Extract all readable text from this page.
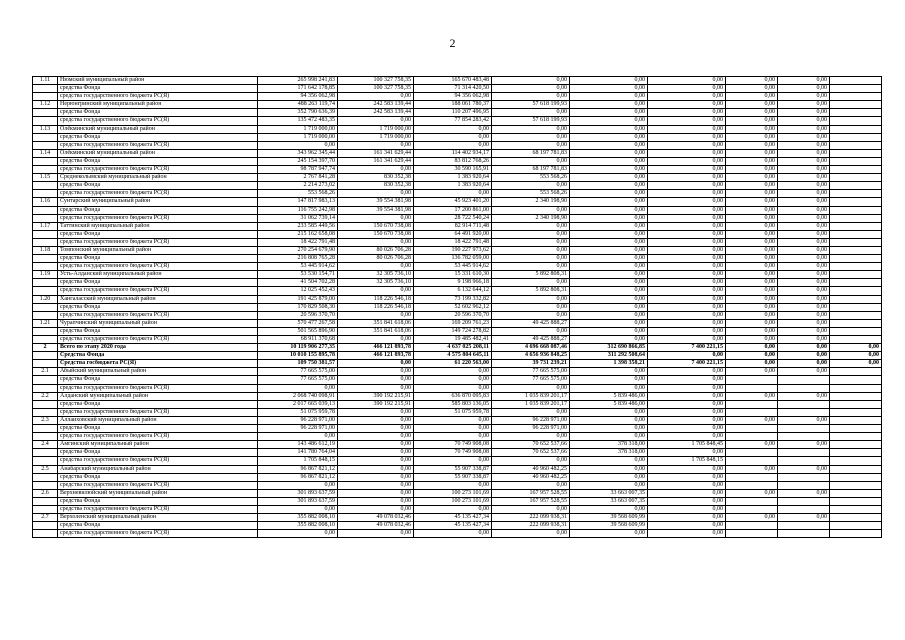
2
1.11	Нюмский муниципальный район	265 998 241,83	100 327 758,35	165 670 483,48	0,00	0,00	0,00	0,00	0,00	
	средства Фонда	171 642 178,85	100 327 758,35	71 314 420,50	0,00	0,00	0,00	0,00	0,00	
	средства государственного бюджета РС(Я)	94 356 062,98	0,00	94 356 062,98	0,00	0,00	0,00	0,00	0,00	
1.12	Нерюнгринский муниципальный район	488 263 119,74	242 583 139,44	188 061 780,37	57 618 199,93	0,00	0,00	0,00	0,00	
	средства Фонда	352 790 636,39	242 583 139,44	110 207 496,95	0,00	0,00	0,00	0,00	0,00	
	средства государственного бюджета РС(Я)	135 472 483,35	0,00	77 854 283,42	57 618 199,93	0,00	0,00	0,00	0,00	
1.13	Олёкминский муниципальный район	1 719 000,00	1 719 000,00	0,00	0,00	0,00	0,00	0,00	0,00	
	средства Фонда	1 719 000,00	1 719 000,00	0,00	0,00	0,00	0,00	0,00	0,00	
	средства государственного бюджета РС(Я)	0,00	0,00	0,00	0,00	0,00	0,00	0,00	0,00	
1.14	Олёкминский муниципальный район	343 962 345,44	161 341 629,44	114 402 934,17	68 197 781,83	0,00	0,00	0,00	0,00	
	средства Фонда	245 154 397,70	161 341 629,44	83 812 768,26	0,00	0,00	0,00	0,00	0,00	
	средства государственного бюджета РС(Я)	98 787 947,74	0,00	30 590 165,91	68 197 781,83	0,00	0,00	0,00	0,00	
1.15	Среднеколымский муниципальный район	2 767 841,28	830 352,38	1 383 920,64	553 568,26	0,00	0,00	0,00	0,00	
	средства Фонда	2 214 273,02	830 352,38	1 383 920,64	0,00	0,00	0,00	0,00	0,00	
	средства государственного бюджета РС(Я)	553 568,26	0,00	0,00	553 568,26	0,00	0,00	0,00	0,00	
1.16	Сунтарский муниципальный район	147 817 983,13	39 554 381,98	45 923 401,20	2 340 198,90	0,00	0,00	0,00	0,00	
	средства Фонда	116 755 242,98	39 554 381,98	17 200 861,00	0,00	0,00	0,00	0,00	0,00	
	средства государственного бюджета РС(Я)	31 062 739,14	0,00	28 722 540,24	2 340 198,90	0,00	0,00	0,00	0,00	
1.17	Таттинский муниципальный район	233 585 449,56	150 670 738,08	82 914 711,48	0,00	0,00	0,00	0,00	0,00	
	средства Фонда	215 162 658,08	150 670 738,08	64 491 920,00	0,00	0,00	0,00	0,00	0,00	
	средства государственного бюджета РС(Я)	18 422 791,48	0,00	18 422 791,48	0,00	0,00	0,00	0,00	0,00	
1.18	Томпонский муниципальный район	270 254 679,90	80 026 706,28	190 227 973,62	0,00	0,00	0,00	0,00	0,00	
	средства Фонда	216 808 765,28	80 026 706,28	136 782 059,00	0,00	0,00	0,00	0,00	0,00	
	средства государственного бюджета РС(Я)	53 445 914,62	0,00	53 445 914,62	0,00	0,00	0,00	0,00	0,00	
1.19	Усть-Алданский муниципальный район	53 530 154,71	32 305 736,10	15 331 610,30	5 892 808,31	0,00	0,00	0,00	0,00	
	средства Фонда	41 504 702,28	32 305 736,10	9 198 966,18	0,00	0,00	0,00	0,00	0,00	
	средства государственного бюджета РС(Я)	12 025 452,43	0,00	6 132 644,12	5 892 808,31	0,00	0,00	0,00	0,00	
1.20	Хангаласский муниципальный район	191 425 879,00	118 226 546,18	73 199 332,82	0,00	0,00	0,00	0,00	0,00	
	средства Фонда	170 829 508,30	118 226 546,18	52 602 962,12	0,00	0,00	0,00	0,00	0,00	
	средства государственного бюджета РС(Я)	20 596 370,70	0,00	20 596 370,70	0,00	0,00	0,00	0,00	0,00	
1.21	Чурапчинский муниципальный район	570 477 267,58	351 841 618,06	169 209 761,23	49 425 888,27	0,00	0,00	0,00	0,00	
	средства Фонда	501 565 896,90	351 841 618,06	149 724 278,82	0,00	0,00	0,00	0,00	0,00	
	средства государственного бюджета РС(Я)	68 911 370,68	0,00	19 485 482,41	49 425 888,27	0,00	0,00	0,00	0,00	
2	Всего по этапу 2020 года	10 119 906 277,35	466 121 893,78	4 637 025 208,11	4 696 668 087,46	312 690 866,85	7 400 221,15	0,00	0,00	0,00
	Средства Фонда	10 010 155 895,78	466 121 893,78	4 575 804 645,11	4 656 936 848,25	311 292 508,64	0,00	0,00	0,00	0,00
	Средства госбюджета РС(Я)	109 750 381,57	0,00	61 220 563,00	39 731 239,21	1 398 358,21	7 400 221,15	0,00	0,00	0,00
2.1	Абыйский муниципальный район	77 665 575,00	0,00	0,00	77 665 575,00	0,00	0,00	0,00	0,00	
	средства Фонда	77 665 575,00	0,00	0,00	77 665 575,00	0,00	0,00			
	средства государственного бюджета РС(Я)	0,00	0,00	0,00	0,00	0,00	0,00			
2.2	Алданский муниципальный район	2 068 740 098,91	390 192 215,91	636 870 095,83	1 035 839 201,17	5 839 486,00	0,00	0,00	0,00	
	средства Фонда	2 017 665 039,13	390 192 215,91	585 803 136,05	1 035 839 201,17	5 839 486,00	0,00			
	средства государственного бюджета РС(Я)	51 075 959,78	0,00	51 075 959,78	0,00	0,00	0,00			
2.3	Аллаиховский муниципальный район	96 228 971,00	0,00	0,00	96 228 971,00	0,00	0,00	0,00	0,00	
	средства Фонда	96 228 971,00	0,00	0,00	96 228 971,00	0,00	0,00			
	средства государственного бюджета РС(Я)	0,00	0,00	0,00	0,00	0,00	0,00			
2.4	Амгинский муниципальный район	143 486 612,19	0,00	70 749 908,08	70 652 537,66	378 318,00	1 705 848,45	0,00	0,00	
	средства Фонда	141 780 764,04	0,00	70 749 908,08	70 652 537,66	378 318,00	0,00			
	средства государственного бюджета РС(Я)	1 705 848,15	0,00	0,00	0,00	0,00	1 705 848,15			
2.5	Анабарский муниципальный район	96 867 821,12	0,00	55 907 338,87	40 960 482,25	0,00	0,00	0,00	0,00	
	средства Фонда	96 867 821,12	0,00	55 907 338,87	40 960 482,25	0,00	0,00			
	средства государственного бюджета РС(Я)	0,00	0,00	0,00	0,00	0,00	0,00			
2.6	Верхневилюйский муниципальный район	301 893 637,59	0,00	100 273 101,69	167 957 528,55	33 663 007,35	0,00	0,00	0,00	
	средства Фонда	301 893 637,59	0,00	100 273 101,69	167 957 528,55	33 663 007,35	0,00			
	средства государственного бюджета РС(Я)	0,00	0,00	0,00	0,00	0,00	0,00			
2.7	Верхоленский муниципальный район	355 882 008,10	49 078 032,46	45 135 427,34	222 099 938,31	39 568 609,99	0,00	0,00	0,00	
	средства Фонда	355 882 008,10	49 078 032,46	45 135 427,34	222 099 938,31	39 568 609,99	0,00			
	средства государственного бюджета РС(Я)	0,00	0,00	0,00	0,00	0,00	0,00			
